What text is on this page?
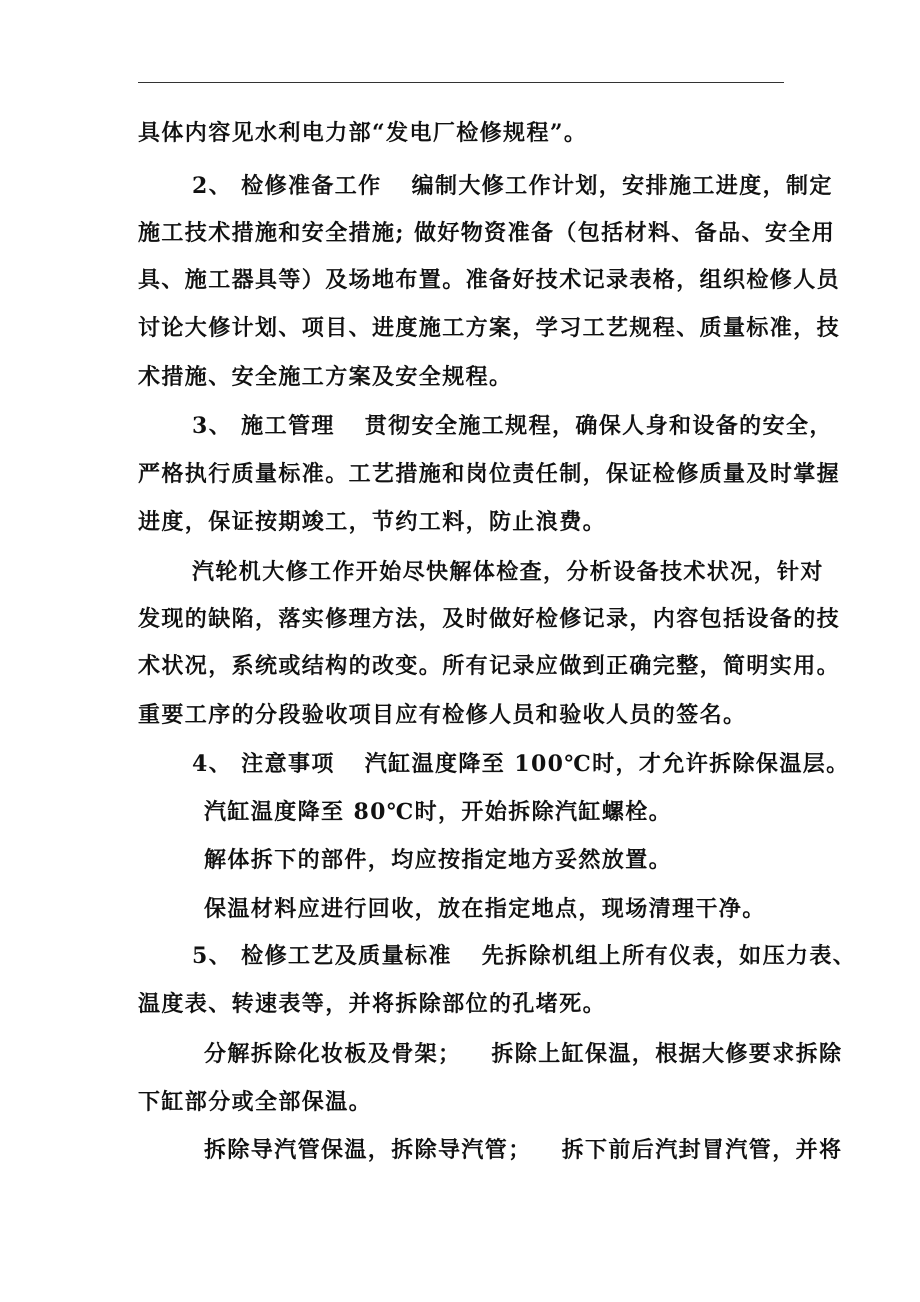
具体内容见水利电力部“发电厂检修规程”。
2、 检修准备工作 编制大修工作计划，安排施工进度，制定
施工技术措施和安全措施; 做好物资准备（包括材料、备品、安全用
具、施工器具等）及场地布置。准备好技术记录表格，组织检修人员
讨论大修计划、项目、进度施工方案，学习工艺规程、质量标准，技
术措施、安全施工方案及安全规程。
3、 施工管理 贯彻安全施工规程，确保人身和设备的安全，
严格执行质量标准。工艺措施和岗位责任制，保证检修质量及时掌握
进度，保证按期竣工，节约工料，防止浪费。
汽轮机大修工作开始尽快解体检查，分析设备技术状况，针对
发现的缺陷，落实修理方法，及时做好检修记录，内容包括设备的技
术状况，系统或结构的改变。所有记录应做到正确完整，简明实用。
重要工序的分段验收项目应有检修人员和验收人员的签名。
4、 注意事项 汽缸温度降至 100℃时，才允许拆除保温层。
汽缸温度降至 80℃时，开始拆除汽缸螺栓。
解体拆下的部件，均应按指定地方妥然放置。
保温材料应进行回收，放在指定地点，现场清理干净。
5、 检修工艺及质量标准 先拆除机组上所有仪表，如压力表、
温度表、转速表等，并将拆除部位的孔堵死。
分解拆除化妆板及骨架； 拆除上缸保温，根据大修要求拆除
下缸部分或全部保温。
拆除导汽管保温，拆除导汽管； 拆下前后汽封冒汽管，并将
